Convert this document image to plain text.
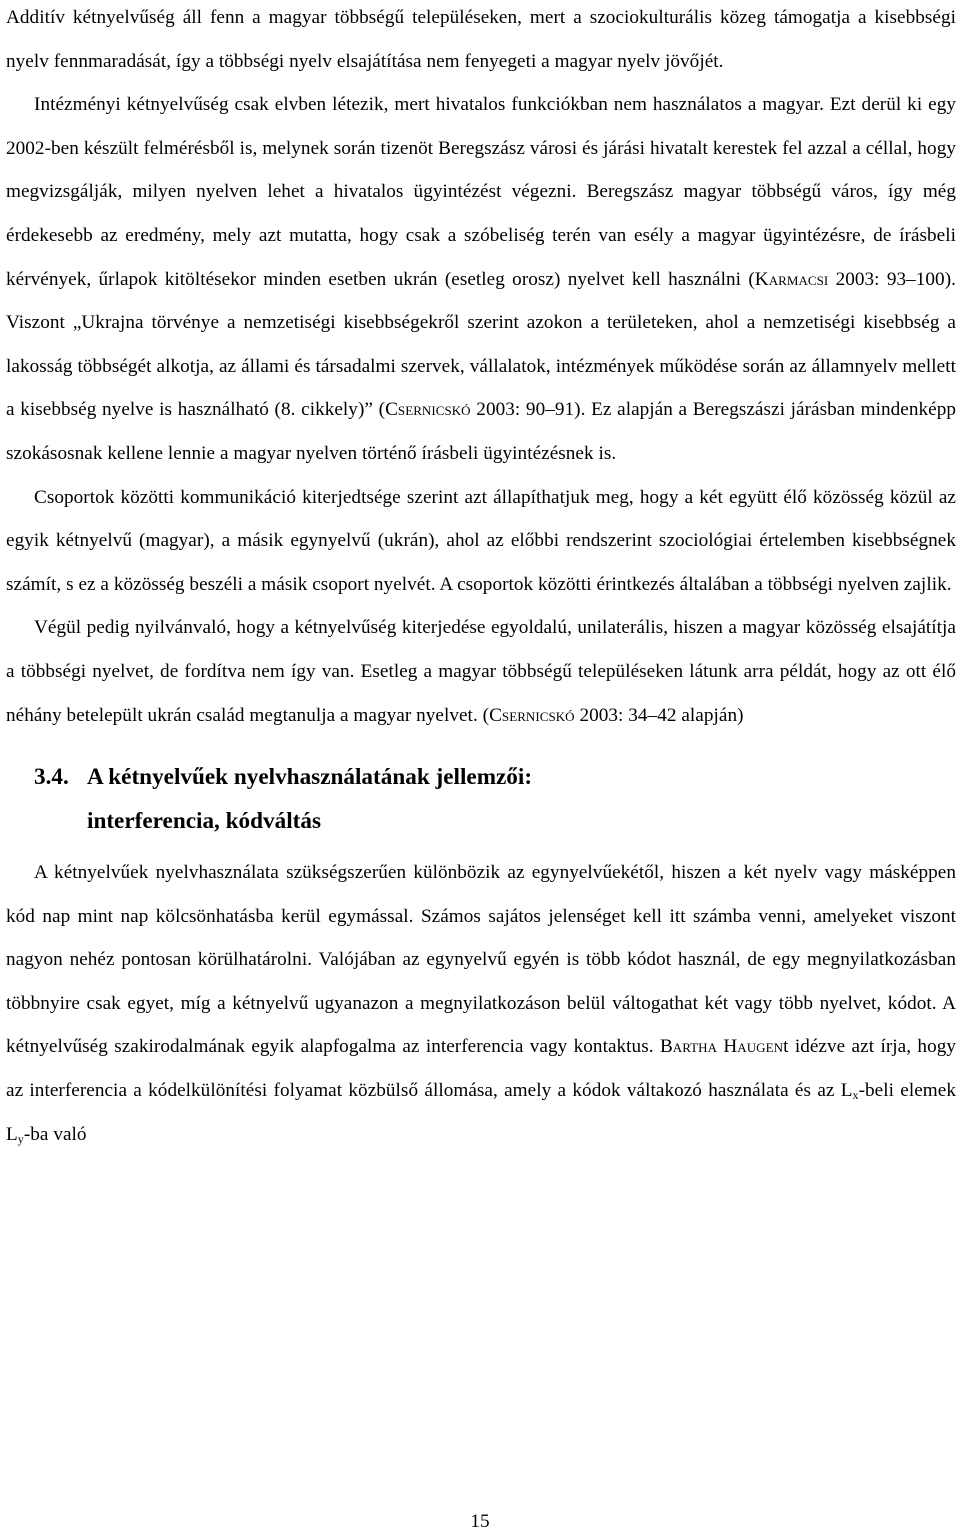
Additív kétnyelvűség áll fenn a magyar többségű településeken, mert a szociokulturális közeg támogatja a kisebbségi nyelv fennmaradását, így a többségi nyelv elsajátítása nem fenyegeti a magyar nyelv jövőjét.

Intézményi kétnyelvűség csak elvben létezik, mert hivatalos funkciókban nem használatos a magyar. Ezt derül ki egy 2002-ben készült felmérésből is, melynek során tizenöt Beregszász városi és járási hivatalt kerestek fel azzal a céllal, hogy megvizsgálják, milyen nyelven lehet a hivatalos ügyintézést végezni. Beregszász magyar többségű város, így még érdekesebb az eredmény, mely azt mutatta, hogy csak a szóbeliség terén van esély a magyar ügyintézésre, de írásbeli kérvények, űrlapok kitöltésekor minden esetben ukrán (esetleg orosz) nyelvet kell használni (Karmacsi 2003: 93–100). Viszont „Ukrajna törvénye a nemzetiségi kisebbségekről szerint azokon a területeken, ahol a nemzetiségi kisebbség a lakosság többségét alkotja, az állami és társadalmi szervek, vállalatok, intézmények működése során az államnyelv mellett a kisebbség nyelve is használható (8. cikkely)” (Csernicskó 2003: 90–91). Ez alapján a Beregszászi járásban mindenképp szokásosnak kellene lennie a magyar nyelven történő írásbeli ügyintézésnek is.

Csoportok közötti kommunikáció kiterjedtsége szerint azt állapíthatjuk meg, hogy a két együtt élő közösség közül az egyik kétnyelvű (magyar), a másik egynyelvű (ukrán), ahol az előbbi rendszerint szociológiai értelemben kisebbségnek számít, s ez a közösség beszéli a másik csoport nyelvét. A csoportok közötti érintkezés általában a többségi nyelven zajlik.

Végül pedig nyilvánvaló, hogy a kétnyelvűség kiterjedése egyoldalú, unilaterális, hiszen a magyar közösség elsajátítja a többségi nyelvet, de fordítva nem így van. Esetleg a magyar többségű településeken látunk arra példát, hogy az ott élő néhány betelepült ukrán család megtanulja a magyar nyelvet. (Csernicskó 2003: 34–42 alapján)

3.4. A kétnyelvűek nyelvhasználatának jellemzői:
interferencia, kódváltás

A kétnyelvűek nyelvhasználata szükségszerűen különbözik az egynyelvűekétől, hiszen a két nyelv vagy másképpen kód nap mint nap kölcsönhatásba kerül egymással. Számos sajátos jelenséget kell itt számba venni, amelyeket viszont nagyon nehéz pontosan körülhatárolni. Valójában az egynyelvű egyén is több kódot használ, de egy megnyilatkozásban többnyire csak egyet, míg a kétnyelvű ugyanazon a megnyilatkozáson belül váltogathat két vagy több nyelvet, kódot. A kétnyelvűség szakirodalmának egyik alapfogalma az interferencia vagy kontaktus. Bartha Haugent idézve azt írja, hogy az interferencia a kódelkülönítési folyamat közbülső állomása, amely a kódok váltakozó használata és az $L_x$-beli elemek $L_y-ba$ való

15
